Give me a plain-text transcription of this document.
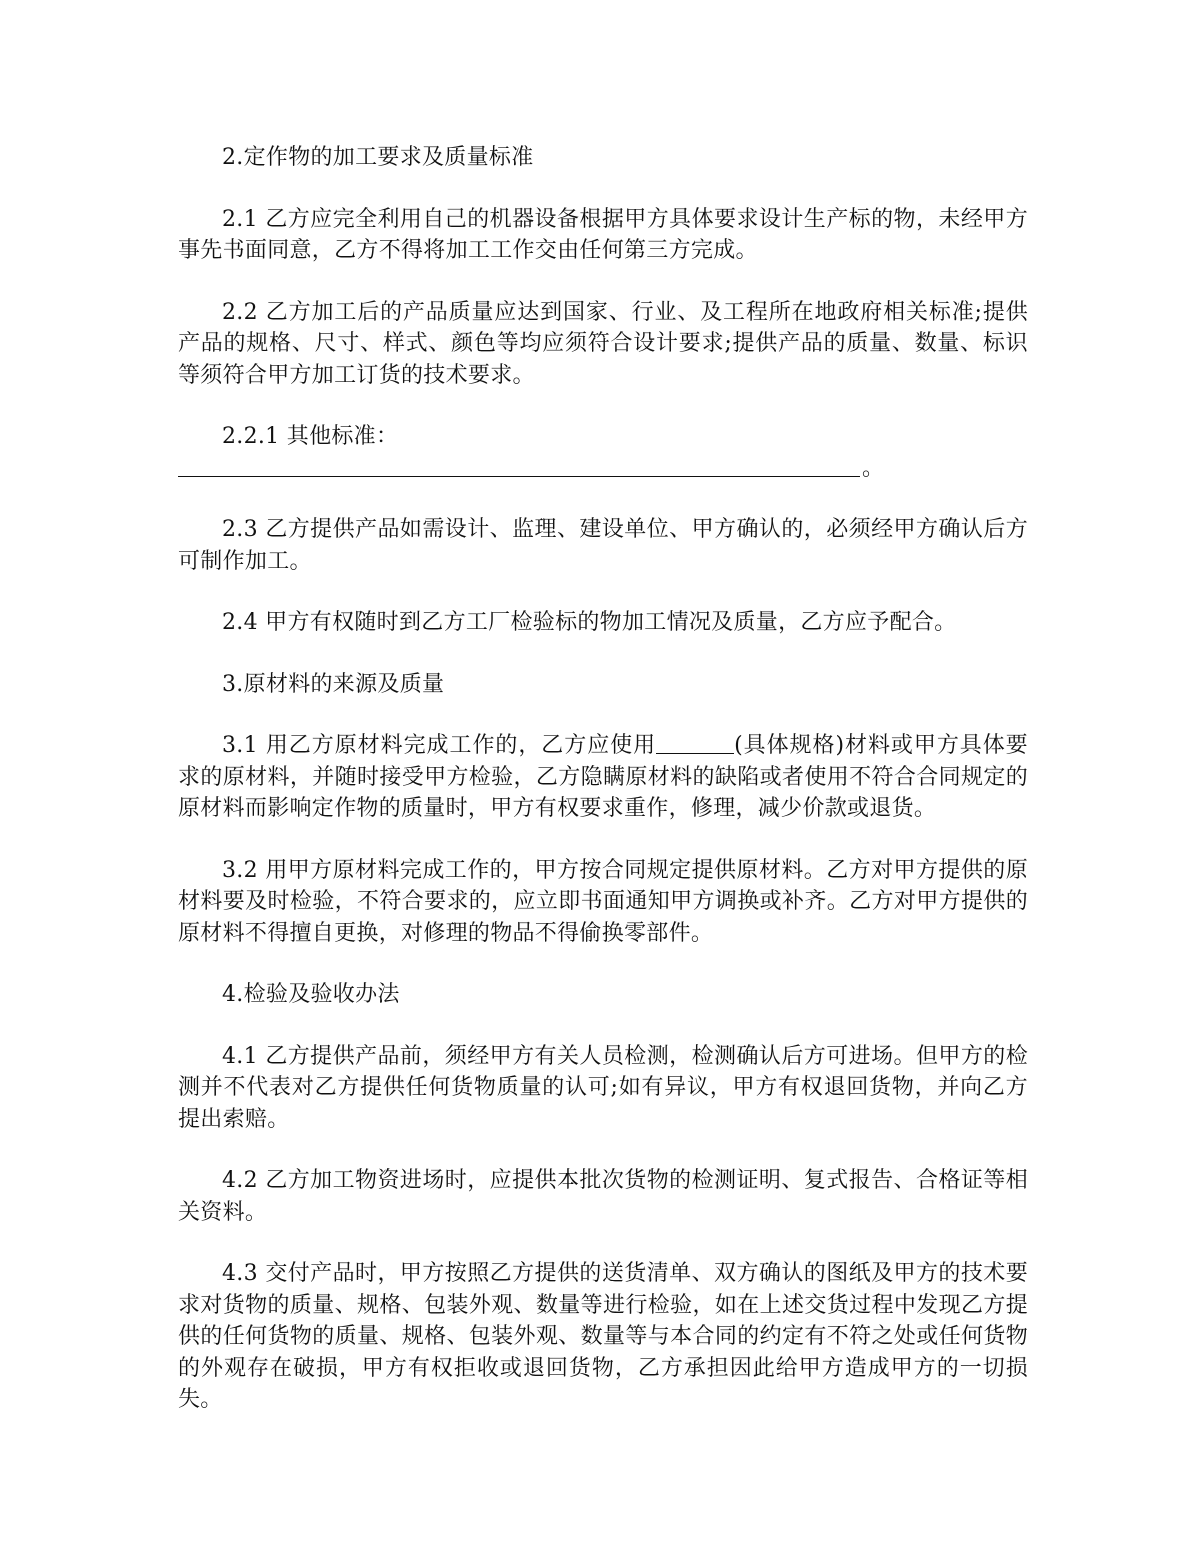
2.定作物的加工要求及质量标准

2.1 乙方应完全利用自己的机器设备根据甲方具体要求设计生产标的物，未经甲方事先书面同意，乙方不得将加工工作交由任何第三方完成。

2.2 乙方加工后的产品质量应达到国家、行业、及工程所在地政府相关标准;提供产品的规格、尺寸、样式、颜色等均应须符合设计要求;提供产品的质量、数量、标识等须符合甲方加工订货的技术要求。

2.2.1 其他标准：
。

2.3 乙方提供产品如需设计、监理、建设单位、甲方确认的，必须经甲方确认后方可制作加工。

2.4 甲方有权随时到乙方工厂检验标的物加工情况及质量，乙方应予配合。

3.原材料的来源及质量

3.1 用乙方原材料完成工作的，乙方应使用	(具体规格)材料或甲方具体要求的原材料，并随时接受甲方检验，乙方隐瞒原材料的缺陷或者使用不符合合同规定的原材料而影响定作物的质量时，甲方有权要求重作，修理，减少价款或退货。

3.2 用甲方原材料完成工作的，甲方按合同规定提供原材料。乙方对甲方提供的原材料要及时检验，不符合要求的，应立即书面通知甲方调换或补齐。乙方对甲方提供的原材料不得擅自更换，对修理的物品不得偷换零部件。

4.检验及验收办法

4.1 乙方提供产品前，须经甲方有关人员检测，检测确认后方可进场。但甲方的检测并不代表对乙方提供任何货物质量的认可;如有异议，甲方有权退回货物，并向乙方提出索赔。

4.2 乙方加工物资进场时，应提供本批次货物的检测证明、复式报告、合格证等相关资料。

4.3 交付产品时，甲方按照乙方提供的送货清单、双方确认的图纸及甲方的技术要求对货物的质量、规格、包装外观、数量等进行检验，如在上述交货过程中发现乙方提供的任何货物的质量、规格、包装外观、数量等与本合同的约定有不符之处或任何货物的外观存在破损，甲方有权拒收或退回货物，乙方承担因此给甲方造成甲方的一切损失。
